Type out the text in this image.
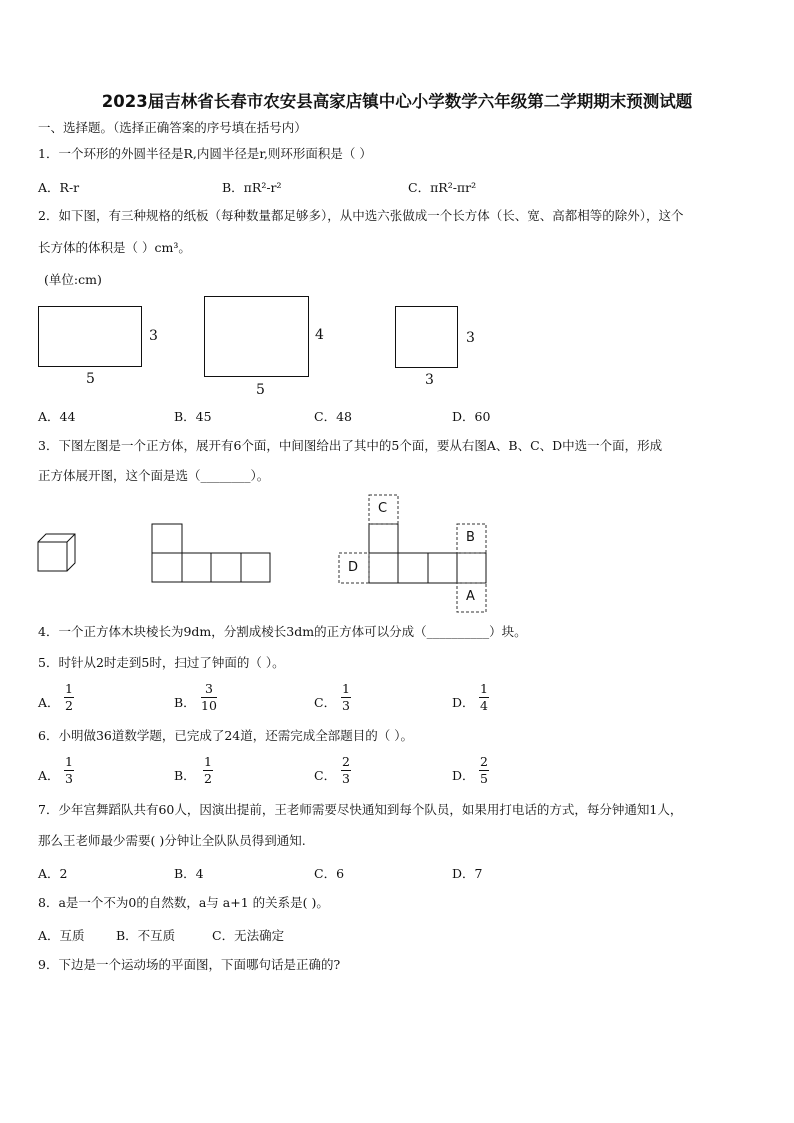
2023届吉林省长春市农安县高家店镇中心小学数学六年级第二学期期末预测试题
一、选择题。（选择正确答案的序号填在括号内）
1．一个环形的外圆半径是R,内圆半径是r,则环形面积是（ ）
A．R-r	B．πR²-r²	C．πR²-πr²
2．如下图，有三种规格的纸板（每种数量都足够多），从中选六张做成一个长方体（长、宽、高都相等的除外），这个
长方体的体积是（ ）cm³。
(单位:cm)
3
5
4
5
3
3
A．44	B．45	C．48	D．60
3．下图左图是一个正方体，展开有6个面，中间图给出了其中的5个面，要从右图A、B、C、D中选一个面，形成
正方体展开图，这个面是选（________）。
C
B
D
A
4．一个正方体木块棱长为9dm，分割成棱长3dm的正方体可以分成（__________）块。
5．时针从2时走到5时，扫过了钟面的（ ）。
A．
1
2	B．
3
10	C．
1
3	D．
1
4
6．小明做36道数学题，已完成了24道，还需完成全部题目的（ ）。
A．
1
3	B．
1
2	C．
2
3	D．
2
5
7．少年宫舞蹈队共有60人，因演出提前，王老师需要尽快通知到每个队员，如果用打电话的方式，每分钟通知1人，
那么王老师最少需要( )分钟让全队队员得到通知.
A．2	B．4	C．6	D．7
8．a是一个不为0的自然数，a与 a+1 的关系是( )。
A．互质	B．不互质	C．无法确定
9．下边是一个运动场的平面图，下面哪句话是正确的?
